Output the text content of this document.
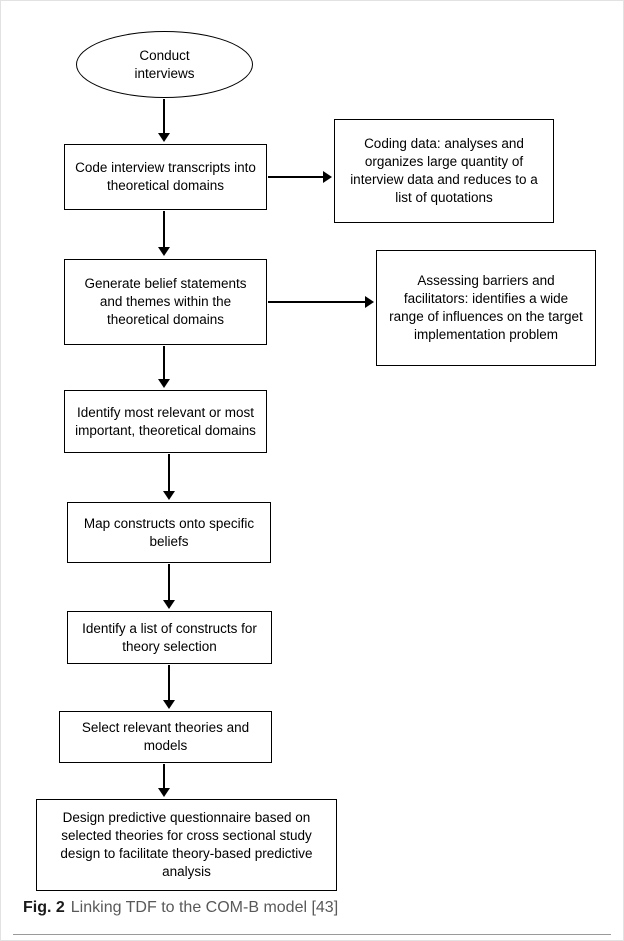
Conduct interviews
Code interview transcripts into theoretical domains
Coding data: analyses and organizes large quantity of interview data and reduces to a list of quotations
Generate belief statements and themes within the theoretical domains
Assessing barriers and facilitators: identifies a wide range of influences on the target implementation problem
Identify most relevant or most important, theoretical domains
Map constructs onto specific beliefs
Identify a list of constructs for theory selection
Select relevant theories and models
Design predictive questionnaire based on selected theories for cross sectional study design to facilitate theory-based predictive analysis
Fig. 2 Linking TDF to the COM-B model [43]
